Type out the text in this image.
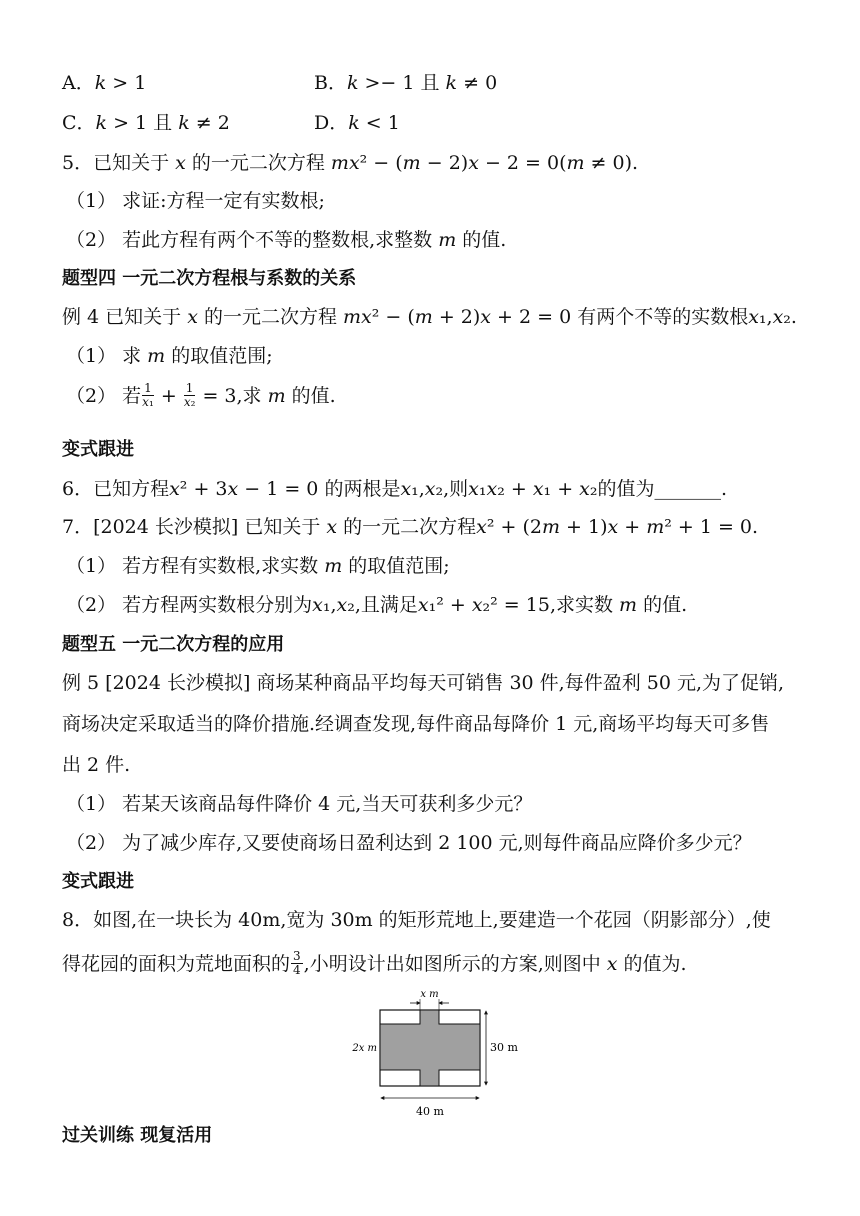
A．𝑘 > 1	B．𝑘 >− 1 且 𝑘 ≠ 0
C．𝑘 > 1 且 𝑘 ≠ 2	D．𝑘 < 1
5．已知关于 𝑥 的一元二次方程 𝑚𝑥² − (𝑚 − 2)𝑥 − 2 = 0(𝑚 ≠ 0).
（1） 求证:方程一定有实数根;
（2） 若此方程有两个不等的整数根,求整数 𝑚 的值.
题型四 一元二次方程根与系数的关系
例 4 已知关于 𝑥 的一元二次方程 𝑚𝑥² − (𝑚 + 2)𝑥 + 2 = 0 有两个不等的实数根𝑥₁,𝑥₂.
（1） 求 𝑚 的取值范围;
（2） 若 1
𝑥₁ + 1
𝑥₂ = 3,求 𝑚 的值.
变式跟进
6．已知方程𝑥² + 3𝑥 − 1 = 0 的两根是𝑥₁,𝑥₂,则𝑥₁𝑥₂ + 𝑥₁ + 𝑥₂的值为_______.
7．[2024 长沙模拟] 已知关于 𝑥 的一元二次方程𝑥² + (2𝑚 + 1)𝑥 + 𝑚² + 1 = 0.
（1） 若方程有实数根,求实数 𝑚 的取值范围;
（2） 若方程两实数根分别为𝑥₁,𝑥₂,且满足𝑥₁² + 𝑥₂² = 15,求实数 𝑚 的值.
题型五 一元二次方程的应用
例 5 [2024 长沙模拟] 商场某种商品平均每天可销售 30 件,每件盈利 50 元,为了促销,
商场决定采取适当的降价措施.经调查发现,每件商品每降价 1 元,商场平均每天可多售
出 2 件.
（1） 若某天该商品每件降价 4 元,当天可获利多少元？
（2） 为了减少库存,又要使商场日盈利达到 2 100 元,则每件商品应降价多少元？
变式跟进
8．如图,在一块长为 40m,宽为 30m 的矩形荒地上,要建造一个花园（阴影部分）,使
得花园的面积为荒地面积的 $\frac{3}{4}$ ,小明设计出如图所示的方案,则图中 𝑥 的值为.
x m
30 m
40 m
2x m
过关训练 现复活用
